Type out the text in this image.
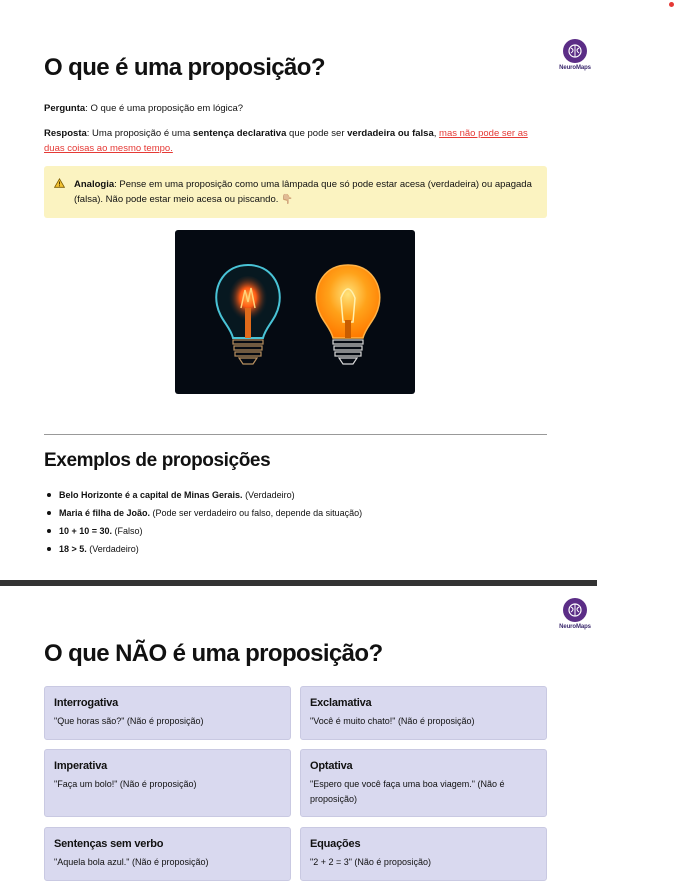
NeuroMaps
O que é uma proposição?
Pergunta: O que é uma proposição em lógica?
Resposta: Uma proposição é uma sentença declarativa que pode ser verdadeira ou falsa, mas não pode ser as duas coisas ao mesmo tempo.
Analogia: Pense em uma proposição como uma lâmpada que só pode estar acesa (verdadeira) ou apagada (falsa). Não pode estar meio acesa ou piscando. 👇🏼
Exemplos de proposições
Belo Horizonte é a capital de Minas Gerais. (Verdadeiro)
Maria é filha de João. (Pode ser verdadeiro ou falso, depende da situação)
10 + 10 = 30. (Falso)
18 > 5. (Verdadeiro)
NeuroMaps
O que NÃO é uma proposição?
Interrogativa
"Que horas são?" (Não é proposição)
Exclamativa
"Você é muito chato!" (Não é proposição)
Imperativa
"Faça um bolo!" (Não é proposição)
Optativa
"Espero que você faça uma boa viagem." (Não é proposição)
Sentenças sem verbo
"Aquela bola azul." (Não é proposição)
Equações
"2 + 2 = 3" (Não é proposição)
